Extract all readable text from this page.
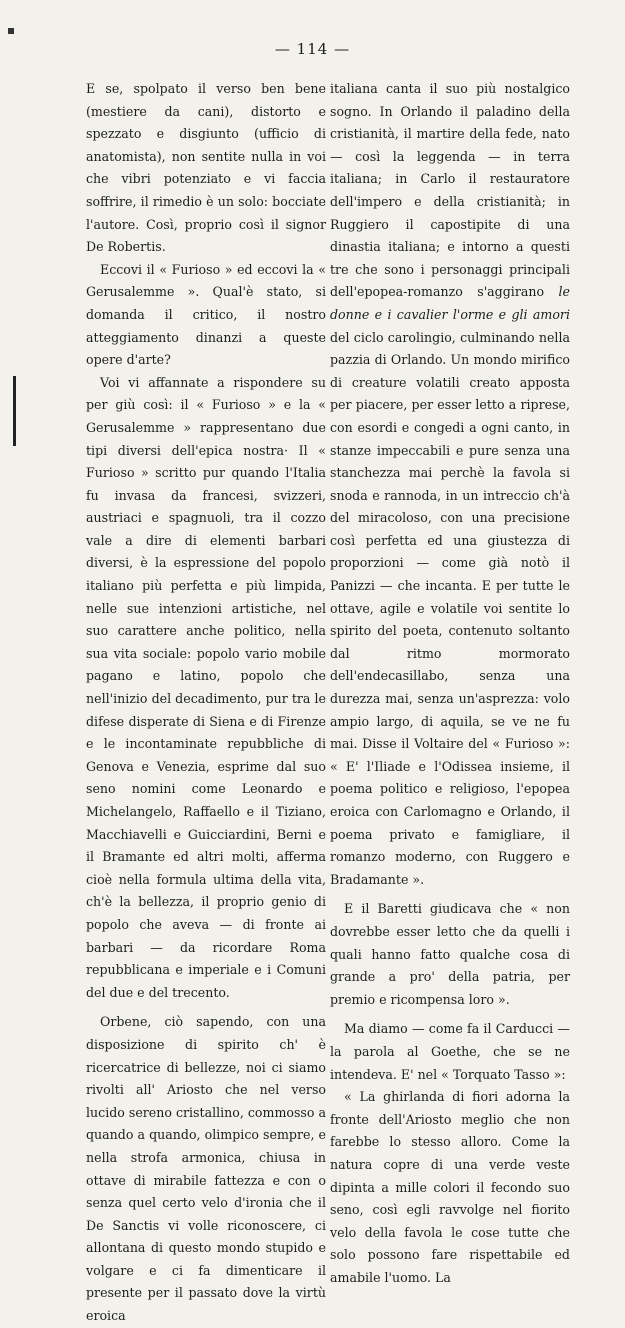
— 114 —

E se, spolpato il verso ben bene (mestiere da cani), distorto e spezzato e disgiunto (ufficio di anatomista), non sentite nulla in voi che vibri potenziato e vi faccia soffrire, il rimedio è un solo: bocciate l'autore. Così, proprio così il signor De Robertis.

Eccovi il « Furioso » ed eccovi la « Gerusalemme ». Qual'è stato, si domanda il critico, il nostro atteggiamento dinanzi a queste opere d'arte?

Voi vi affannate a rispondere su per giù così: il « Furioso » e la « Gerusalemme » rappresentano due tipi diversi dell'epica nostra· Il « Furioso » scritto pur quando l'Italia fu invasa da francesi, svizzeri, austriaci e spagnuoli, tra il cozzo vale a dire di elementi barbari diversi, è la espressione del popolo italiano più perfetta e più limpida, nelle sue intenzioni artistiche, nel suo carattere anche politico, nella sua vita sociale: popolo vario mobile pagano e latino, popolo che nell'inizio del decadimento, pur tra le difese disperate di Siena e di Firenze e le incontaminate repubbliche di Genova e Venezia, esprime dal suo seno nomini come Leonardo e Michelangelo, Raffaello e il Tiziano, Macchiavelli e Guicciardini, Berni e il Bramante ed altri molti, afferma cioè nella formula ultima della vita, ch'è la bellezza, il proprio genio di popolo che aveva — di fronte ai barbari — da ricordare Roma repubblicana e imperiale e i Comuni del due e del trecento.

Orbene, ciò sapendo, con una disposizione di spirito ch' è ricercatrice di bellezze, noi ci siamo rivolti all' Ariosto che nel verso lucido sereno cristallino, commosso a quando a quando, olimpico sempre, e nella strofa armonica, chiusa in ottave di mirabile fattezza e con o senza quel certo velo d'ironia che il De Sanctis vi volle riconoscere, ci allontana di questo mondo stupido e volgare e ci fa dimenticare il presente per il passato dove la virtù eroica

italiana canta il suo più nostalgico sogno. In Orlando il paladino della cristianità, il martire della fede, nato — così la leggenda — in terra italiana; in Carlo il restauratore dell'impero e della cristianità; in Ruggiero il capostipite di una dinastia italiana; e intorno a questi tre che sono i personaggi principali dell'epopea-romanzo s'aggirano le donne e i cavalier l'orme e gli amori del ciclo carolingio, culminando nella pazzia di Orlando. Un mondo mirifico di creature volatili creato apposta per piacere, per esser letto a riprese, con esordi e congedi a ogni canto, in stanze impeccabili e pure senza una stanchezza mai perchè la favola si snoda e rannoda, in un intreccio ch'à del miracoloso, con una precisione così perfetta ed una giustezza di proporzioni — come già notò il Panizzi — che incanta. E per tutte le ottave, agile e volatile voi sentite lo spirito del poeta, contenuto soltanto dal ritmo mormorato dell'endecasillabo, senza una durezza mai, senza un'asprezza: volo ampio largo, di aquila, se ve ne fu mai. Disse il Voltaire del « Furioso »: « E' l'Iliade e l'Odissea insieme, il poema politico e religioso, l'epopea eroica con Carlomagno e Orlando, il poema privato e famigliare, il romanzo moderno, con Ruggero e Bradamante ».

E il Baretti giudicava che « non dovrebbe esser letto che da quelli i quali hanno fatto qualche cosa di grande a pro' della patria, per premio e ricompensa loro ».

Ma diamo — come fa il Carducci — la parola al Goethe, che se ne intendeva. E' nel « Torquato Tasso »:

« La ghirlanda di fiori adorna la fronte dell'Ariosto meglio che non farebbe lo stesso alloro. Come la natura copre di una verde veste dipinta a mille colori il fecondo suo seno, così egli ravvolge nel fiorito velo della favola le cose tutte che solo possono fare rispettabile ed amabile l'uomo. La
